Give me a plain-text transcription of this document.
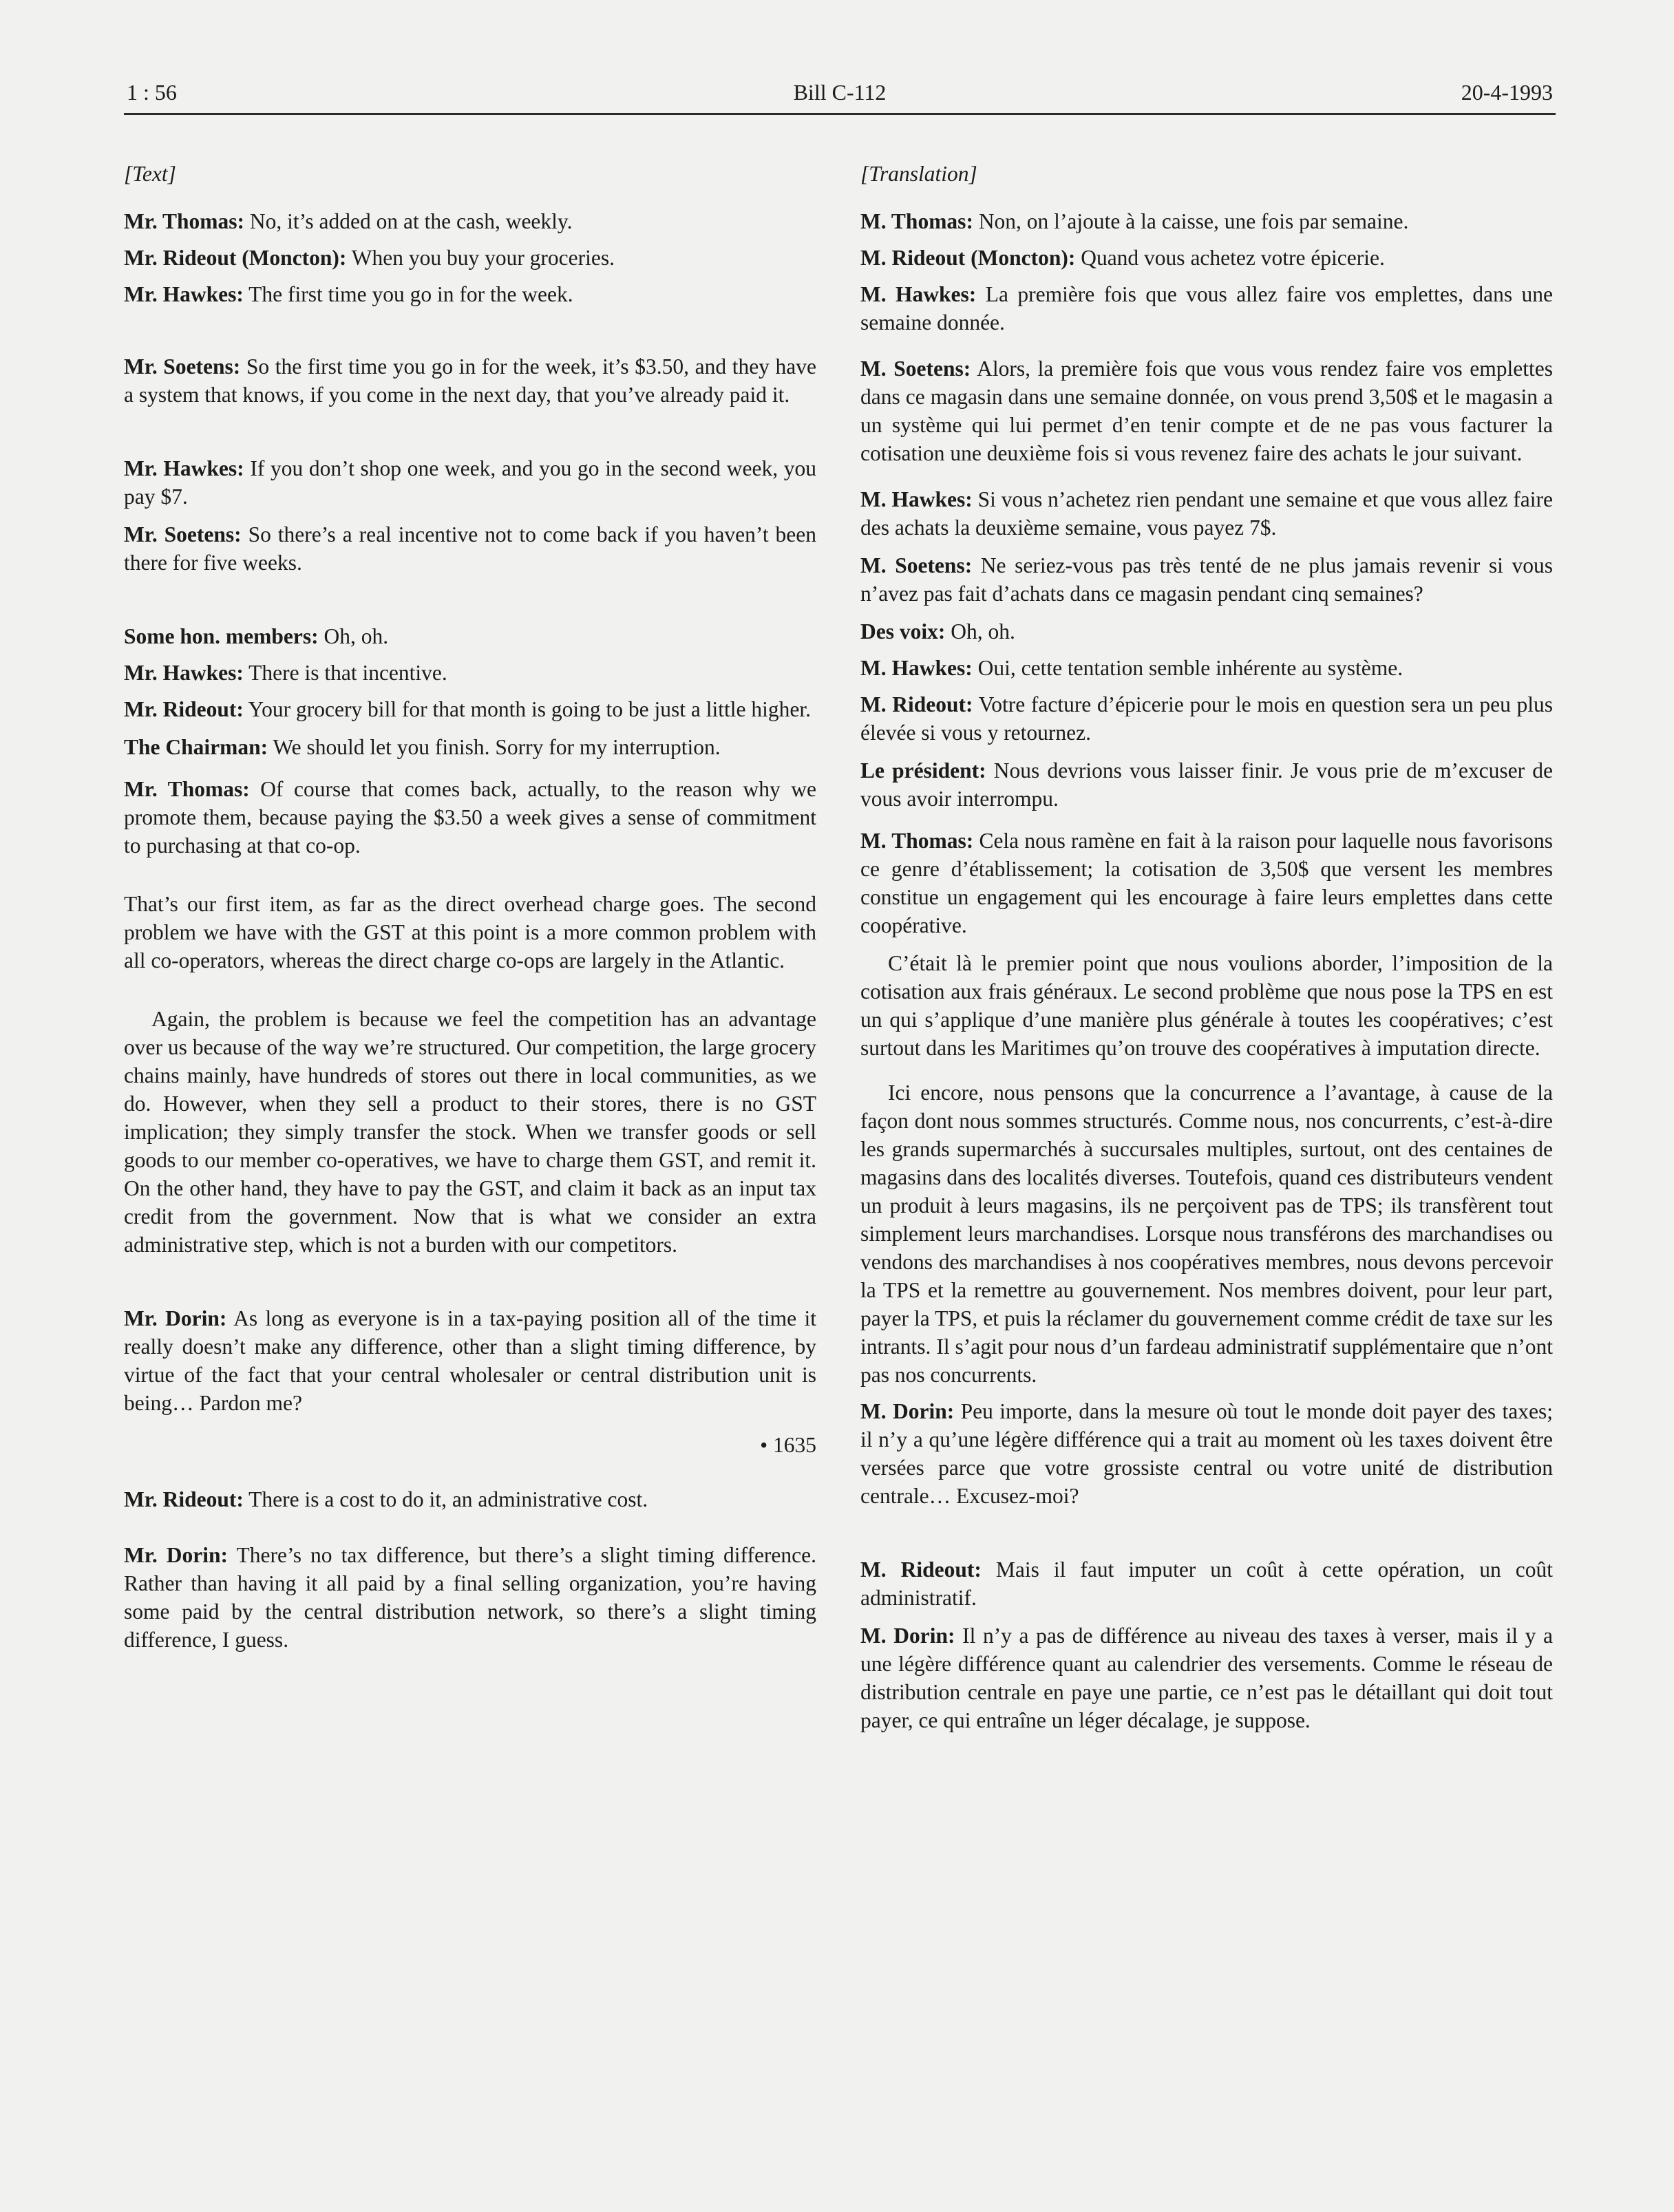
1 : 56	Bill C-112	20-4-1993

[Text]

Mr. Thomas: No, it’s added on at the cash, weekly.

Mr. Rideout (Moncton): When you buy your groceries.

Mr. Hawkes: The first time you go in for the week.

Mr. Soetens: So the first time you go in for the week, it’s $3.50, and they have a system that knows, if you come in the next day, that you’ve already paid it.

Mr. Hawkes: If you don’t shop one week, and you go in the second week, you pay $7.

Mr. Soetens: So there’s a real incentive not to come back if you haven’t been there for five weeks.

Some hon. members: Oh, oh.

Mr. Hawkes: There is that incentive.

Mr. Rideout: Your grocery bill for that month is going to be just a little higher.

The Chairman: We should let you finish. Sorry for my interruption.

Mr. Thomas: Of course that comes back, actually, to the reason why we promote them, because paying the $3.50 a week gives a sense of commitment to purchasing at that co-op.

That’s our first item, as far as the direct overhead charge goes. The second problem we have with the GST at this point is a more common problem with all co-operators, whereas the direct charge co-ops are largely in the Atlantic.

Again, the problem is because we feel the competition has an advantage over us because of the way we’re structured. Our competition, the large grocery chains mainly, have hundreds of stores out there in local communities, as we do. However, when they sell a product to their stores, there is no GST implication; they simply transfer the stock. When we transfer goods or sell goods to our member co-operatives, we have to charge them GST, and remit it. On the other hand, they have to pay the GST, and claim it back as an input tax credit from the government. Now that is what we consider an extra administrative step, which is not a burden with our competitors.

Mr. Dorin: As long as everyone is in a tax-paying position all of the time it really doesn’t make any difference, other than a slight timing difference, by virtue of the fact that your central wholesaler or central distribution unit is being… Pardon me?

• 1635

Mr. Rideout: There is a cost to do it, an administrative cost.

Mr. Dorin: There’s no tax difference, but there’s a slight timing difference. Rather than having it all paid by a final selling organization, you’re having some paid by the central distribution network, so there’s a slight timing difference, I guess.

[Translation]

M. Thomas: Non, on l’ajoute à la caisse, une fois par semaine.

M. Rideout (Moncton): Quand vous achetez votre épicerie.

M. Hawkes: La première fois que vous allez faire vos emplettes, dans une semaine donnée.

M. Soetens: Alors, la première fois que vous vous rendez faire vos emplettes dans ce magasin dans une semaine donnée, on vous prend 3,50$ et le magasin a un système qui lui permet d’en tenir compte et de ne pas vous facturer la cotisation une deuxième fois si vous revenez faire des achats le jour suivant.

M. Hawkes: Si vous n’achetez rien pendant une semaine et que vous allez faire des achats la deuxième semaine, vous payez 7$.

M. Soetens: Ne seriez-vous pas très tenté de ne plus jamais revenir si vous n’avez pas fait d’achats dans ce magasin pendant cinq semaines?

Des voix: Oh, oh.

M. Hawkes: Oui, cette tentation semble inhérente au système.

M. Rideout: Votre facture d’épicerie pour le mois en question sera un peu plus élevée si vous y retournez.

Le président: Nous devrions vous laisser finir. Je vous prie de m’excuser de vous avoir interrompu.

M. Thomas: Cela nous ramène en fait à la raison pour laquelle nous favorisons ce genre d’établissement; la cotisation de 3,50$ que versent les membres constitue un engagement qui les encourage à faire leurs emplettes dans cette coopérative.

C’était là le premier point que nous voulions aborder, l’imposition de la cotisation aux frais généraux. Le second problème que nous pose la TPS en est un qui s’applique d’une manière plus générale à toutes les coopératives; c’est surtout dans les Maritimes qu’on trouve des coopératives à imputation directe.

Ici encore, nous pensons que la concurrence a l’avantage, à cause de la façon dont nous sommes structurés. Comme nous, nos concurrents, c’est-à-dire les grands supermarchés à succursales multiples, surtout, ont des centaines de magasins dans des localités diverses. Toutefois, quand ces distributeurs vendent un produit à leurs magasins, ils ne perçoivent pas de TPS; ils transfèrent tout simplement leurs marchandises. Lorsque nous transférons des marchandises ou vendons des marchandises à nos coopératives membres, nous devons percevoir la TPS et la remettre au gouvernement. Nos membres doivent, pour leur part, payer la TPS, et puis la réclamer du gouvernement comme crédit de taxe sur les intrants. Il s’agit pour nous d’un fardeau administratif supplémentaire que n’ont pas nos concurrents.

M. Dorin: Peu importe, dans la mesure où tout le monde doit payer des taxes; il n’y a qu’une légère différence qui a trait au moment où les taxes doivent être versées parce que votre grossiste central ou votre unité de distribution centrale… Excusez-moi?

M. Rideout: Mais il faut imputer un coût à cette opération, un coût administratif.

M. Dorin: Il n’y a pas de différence au niveau des taxes à verser, mais il y a une légère différence quant au calendrier des versements. Comme le réseau de distribution centrale en paye une partie, ce n’est pas le détaillant qui doit tout payer, ce qui entraîne un léger décalage, je suppose.
